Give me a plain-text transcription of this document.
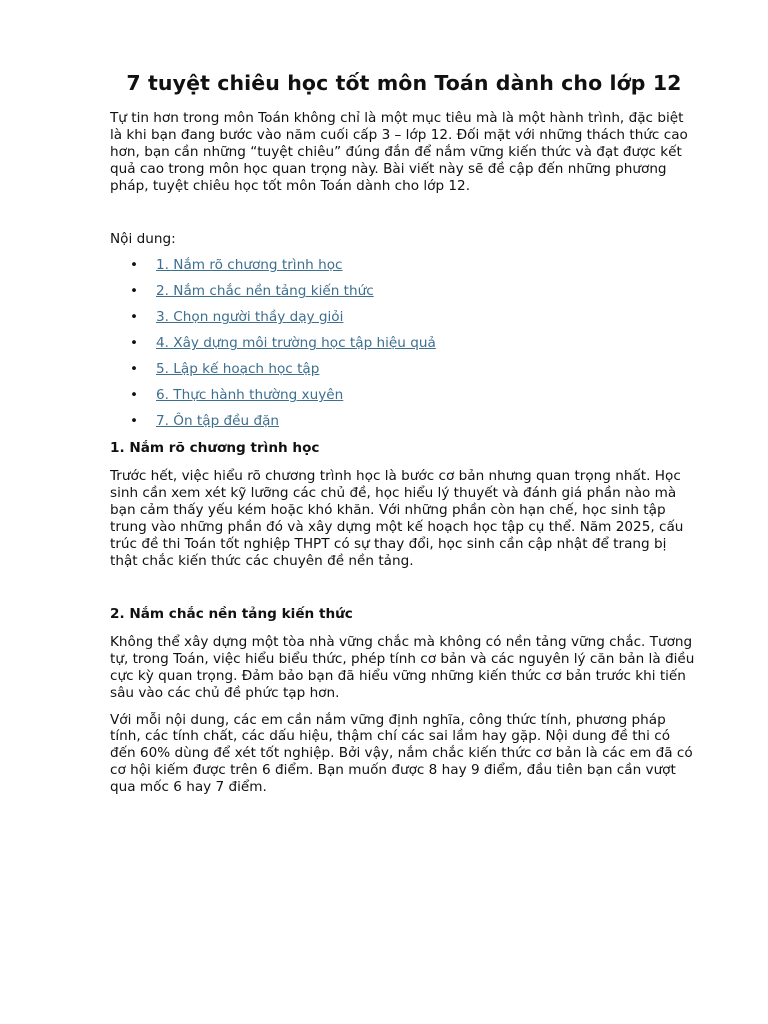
7 tuyệt chiêu học tốt môn Toán dành cho lớp 12

Tự tin hơn trong môn Toán không chỉ là một mục tiêu mà là một hành trình, đặc biệt là khi bạn đang bước vào năm cuối cấp 3 – lớp 12. Đối mặt với những thách thức cao hơn, bạn cần những “tuyệt chiêu” đúng đắn để nắm vững kiến thức và đạt được kết quả cao trong môn học quan trọng này. Bài viết này sẽ đề cập đến những phương pháp, tuyệt chiêu học tốt môn Toán dành cho lớp 12.

Nội dung:

• 1. Nắm rõ chương trình học
• 2. Nắm chắc nền tảng kiến thức
• 3. Chọn người thầy dạy giỏi
• 4. Xây dựng môi trường học tập hiệu quả
• 5. Lập kế hoạch học tập
• 6. Thực hành thường xuyên
• 7. Ôn tập đều đặn
1. Nắm rõ chương trình học

Trước hết, việc hiểu rõ chương trình học là bước cơ bản nhưng quan trọng nhất. Học sinh cần xem xét kỹ lưỡng các chủ đề, học hiểu lý thuyết và đánh giá phần nào mà bạn cảm thấy yếu kém hoặc khó khăn. Với những phần còn hạn chế, học sinh tập trung vào những phần đó và xây dựng một kế hoạch học tập cụ thể. Năm 2025, cấu trúc đề thi Toán tốt nghiệp THPT có sự thay đổi, học sinh cần cập nhật để trang bị thật chắc kiến thức các chuyên đề nền tảng.

2. Nắm chắc nền tảng kiến thức

Không thể xây dựng một tòa nhà vững chắc mà không có nền tảng vững chắc. Tương tự, trong Toán, việc hiểu biểu thức, phép tính cơ bản và các nguyên lý căn bản là điều cực kỳ quan trọng. Đảm bảo bạn đã hiểu vững những kiến thức cơ bản trước khi tiến sâu vào các chủ đề phức tạp hơn.

Với mỗi nội dung, các em cần nắm vững định nghĩa, công thức tính, phương pháp tính, các tính chất, các dấu hiệu, thậm chí các sai lầm hay gặp. Nội dung đề thi có đến 60% dùng để xét tốt nghiệp. Bởi vậy, nắm chắc kiến thức cơ bản là các em đã có cơ hội kiếm được trên 6 điểm. Bạn muốn được 8 hay 9 điểm, đầu tiên bạn cần vượt qua mốc 6 hay 7 điểm.
